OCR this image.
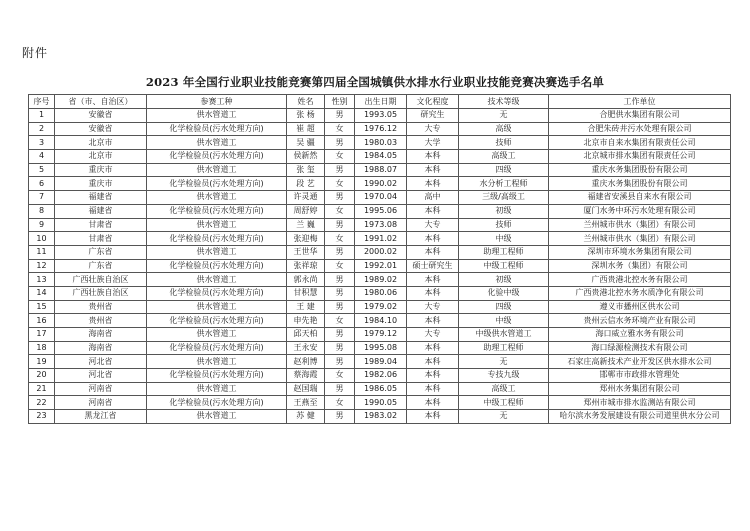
附件
2023 年全国行业职业技能竞赛第四届全国城镇供水排水行业职业技能竞赛决赛选手名单
序号	省（市、自治区）	参赛工种	姓名	性别	出生日期	文化程度	技术等级	工作单位
1	安徽省	供水管道工	张 杨	男	1993.05	研究生	无	合肥供水集团有限公司
2	安徽省	化学检验员(污水处理方向)	崔 超	女	1976.12	大专	高级	合肥朱砖井污水处理有限公司
3	北京市	供水管道工	吴 疆	男	1980.03	大学	技师	北京市自来水集团有限责任公司
4	北京市	化学检验员(污水处理方向)	侯新然	女	1984.05	本科	高级工	北京城市排水集团有限责任公司
5	重庆市	供水管道工	张 玺	男	1988.07	本科	四级	重庆水务集团股份有限公司
6	重庆市	化学检验员(污水处理方向)	段 艺	女	1990.02	本科	水分析工程师	重庆水务集团股份有限公司
7	福建省	供水管道工	许灵通	男	1970.04	高中	三级/高级工	福建省安溪县自来水有限公司
8	福建省	化学检验员(污水处理方向)	周舒婷	女	1995.06	本科	初级	厦门水务中环污水处理有限公司
9	甘肃省	供水管道工	兰 巍	男	1973.08	大专	技师	兰州城市供水（集团）有限公司
10	甘肃省	化学检验员(污水处理方向)	张迎梅	女	1991.02	本科	中级	兰州城市供水（集团）有限公司
11	广东省	供水管道工	王世华	男	2000.02	本科	助理工程师	深圳市环境水务集团有限公司
12	广东省	化学检验员(污水处理方向)	张祥琼	女	1992.01	硕士研究生	中级工程师	深圳水务（集团）有限公司
13	广西壮族自治区	供水管道工	郭永尚	男	1989.02	本科	初级	广西贵港北控水务有限公司
14	广西壮族自治区	化学检验员(污水处理方向)	甘积慧	男	1980.06	本科	化验中级	广西贵港北控水务水质净化有限公司
15	贵州省	供水管道工	王 建	男	1979.02	大专	四级	遵义市播州区供水公司
16	贵州省	化学检验员(污水处理方向)	申先艳	女	1984.10	本科	中级	贵州云信水务环境产业有限公司
17	海南省	供水管道工	邱天柏	男	1979.12	大专	中级供水管道工	海口威立雅水务有限公司
18	海南省	化学检验员(污水处理方向)	王永安	男	1995.08	本科	助理工程师	海口绿源检测技术有限公司
19	河北省	供水管道工	赵利博	男	1989.04	本科	无	石家庄高新技术产业开发区供水排水公司
20	河北省	化学检验员(污水处理方向)	蔡海霞	女	1982.06	本科	专技九级	邯郸市市政排水管理处
21	河南省	供水管道工	赵国瑞	男	1986.05	本科	高级工	郑州水务集团有限公司
22	河南省	化学检验员(污水处理方向)	王燕至	女	1990.05	本科	中级工程师	郑州市城市排水监测站有限公司
23	黑龙江省	供水管道工	苏 健	男	1983.02	本科	无	哈尔滨水务发展建设有限公司道里供水分公司
